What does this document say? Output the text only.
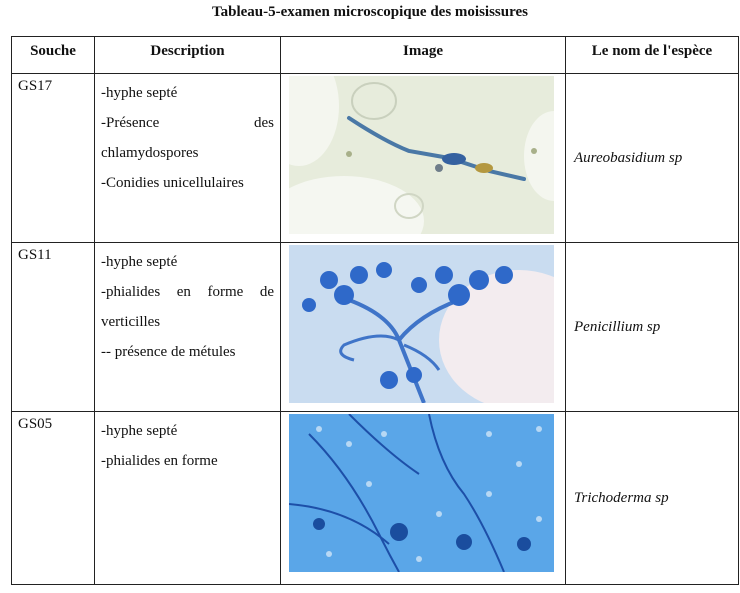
Tableau-5-examen microscopique des moisissures
Souche	Description	Image	Le nom de l'espèce
GS17	-hyphe septé
-Présence des
chlamydospores
-Conidies unicellulaires		Aureobasidium sp
GS11	-hyphe septé
-phialides en forme de
verticilles
-- présence de métules		Penicillium sp
GS05	-hyphe septé
-phialides en forme		Trichoderma sp
